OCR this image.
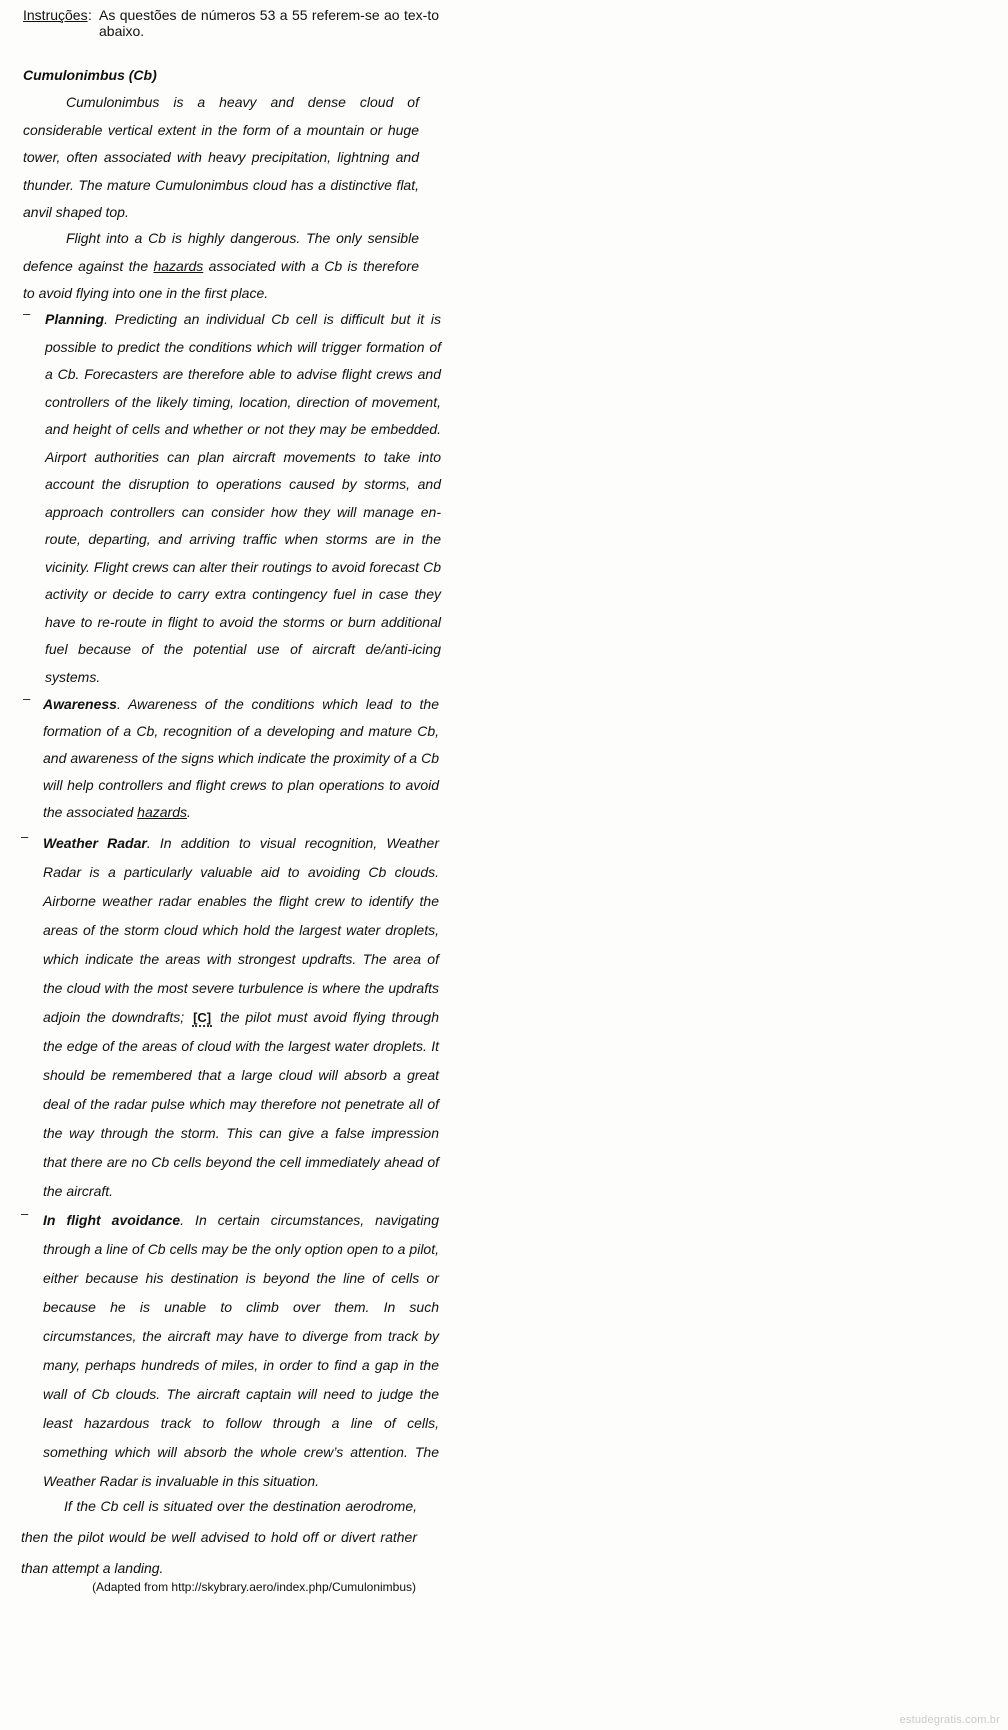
Instruções : As questões de números 53 a 55 referem-se ao tex-to abaixo.
Cumulonimbus (Cb)
Cumulonimbus is a heavy and dense cloud of considerable vertical extent in the form of a mountain or huge tower, often associated with heavy precipitation, lightning and thunder. The mature Cumulonimbus cloud has a distinctive flat, anvil shaped top.
Flight into a Cb is highly dangerous. The only sensible defence against the hazards associated with a Cb is therefore to avoid flying into one in the first place.
– Planning. Predicting an individual Cb cell is difficult but it is possible to predict the conditions which will trigger formation of a Cb. Forecasters are therefore able to advise flight crews and controllers of the likely timing, location, direction of movement, and height of cells and whether or not they may be embedded. Airport authorities can plan aircraft movements to take into account the disruption to operations caused by storms, and approach controllers can consider how they will manage en-route, departing, and arriving traffic when storms are in the vicinity. Flight crews can alter their routings to avoid forecast Cb activity or decide to carry extra contingency fuel in case they have to re-route in flight to avoid the storms or burn additional fuel because of the potential use of aircraft de/anti-icing systems.
– Awareness. Awareness of the conditions which lead to the formation of a Cb, recognition of a developing and mature Cb, and awareness of the signs which indicate the proximity of a Cb will help controllers and flight crews to plan operations to avoid the associated hazards.
– Weather Radar. In addition to visual recognition, Weather Radar is a particularly valuable aid to avoiding Cb clouds. Airborne weather radar enables the flight crew to identify the areas of the storm cloud which hold the largest water droplets, which indicate the areas with strongest updrafts. The area of the cloud with the most severe turbulence is where the updrafts adjoin the downdrafts; [C] the pilot must avoid flying through the edge of the areas of cloud with the largest water droplets. It should be remembered that a large cloud will absorb a great deal of the radar pulse which may therefore not penetrate all of the way through the storm. This can give a false impression that there are no Cb cells beyond the cell immediately ahead of the aircraft.
– In flight avoidance. In certain circumstances, navigating through a line of Cb cells may be the only option open to a pilot, either because his destination is beyond the line of cells or because he is unable to climb over them. In such circumstances, the aircraft may have to diverge from track by many, perhaps hundreds of miles, in order to find a gap in the wall of Cb clouds. The aircraft captain will need to judge the least hazardous track to follow through a line of cells, something which will absorb the whole crew’s attention. The Weather Radar is invaluable in this situation.
If the Cb cell is situated over the destination aerodrome, then the pilot would be well advised to hold off or divert rather than attempt a landing.
(Adapted from http://skybrary.aero/index.php/Cumulonimbus)
estudegratis.com.br
